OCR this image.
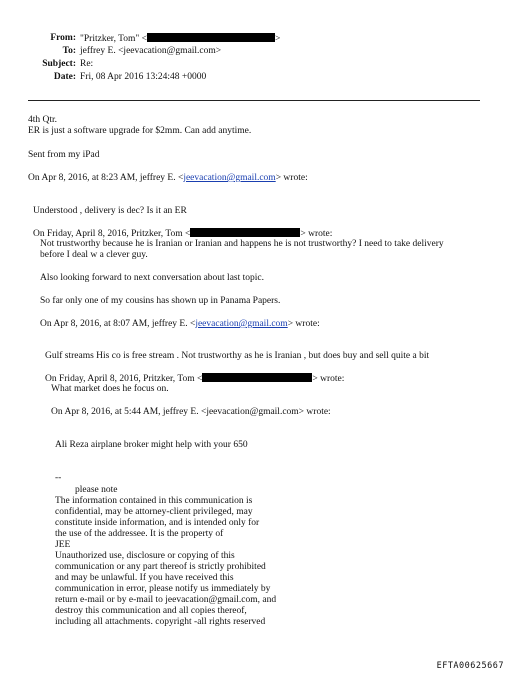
From: "Pritzker, Tom" <	>
To: jeffrey E. <jeevacation@gmail.com>
Subject: Re:
Date: Fri, 08 Apr 2016 13:24:48 +0000
4th Qtr.
ER is just a software upgrade for $2mm. Can add anytime.
Sent from my iPad
On Apr 8, 2016, at 8:23 AM, jeffrey E. <jeevacation@gmail.com> wrote:
Understood , delivery is dec? Is it an ER
On Friday, April 8, 2016, Pritzker, Tom <	> wrote:
Not trustworthy because he is Iranian or Iranian and happens he is not trustworthy? I need to take delivery
before I deal w a clever guy.
Also looking forward to next conversation about last topic.
So far only one of my cousins has shown up in Panama Papers.
On Apr 8, 2016, at 8:07 AM, jeffrey E. <jeevacation@gmail.com> wrote:
Gulf streams His co is free stream . Not trustworthy as he is Iranian , but does buy and sell quite a bit
On Friday, April 8, 2016, Pritzker, Tom <	> wrote:
What market does he focus on.
On Apr 8, 2016, at 5:44 AM, jeffrey E. <jeevacation@gmail.com> wrote:
Ali Reza airplane broker might help with your 650
--
please note
The information contained in this communication is
confidential, may be attorney-client privileged, may
constitute inside information, and is intended only for
the use of the addressee. It is the property of
JEE
Unauthorized use, disclosure or copying of this
communication or any part thereof is strictly prohibited
and may be unlawful. If you have received this
communication in error, please notify us immediately by
return e-mail or by e-mail to jeevacation@gmail.com, and
destroy this communication and all copies thereof,
including all attachments. copyright -all rights reserved
EFTA00625667
